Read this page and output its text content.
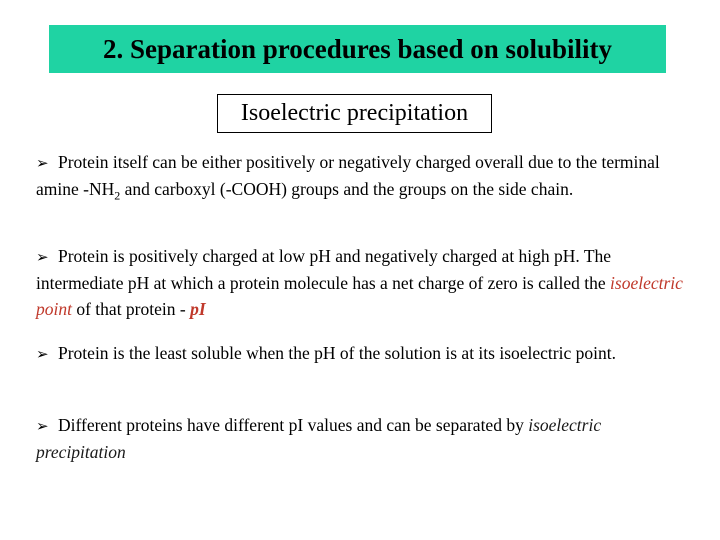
2. Separation procedures based on solubility
Isoelectric precipitation

➢ Protein itself can be either positively or negatively charged overall due to the terminal amine $-NH_2$ and carboxyl (-COOH) groups and the groups on the side chain.

➢ Protein is positively charged at low pH and negatively charged at high pH. The intermediate pH at which a protein molecule has a net charge of zero is called the isoelectric point of that protein - pI

➢ Protein is the least soluble when the pH of the solution is at its isoelectric point.

➢ Different proteins have different pI values and can be separated by isoelectric precipitation
